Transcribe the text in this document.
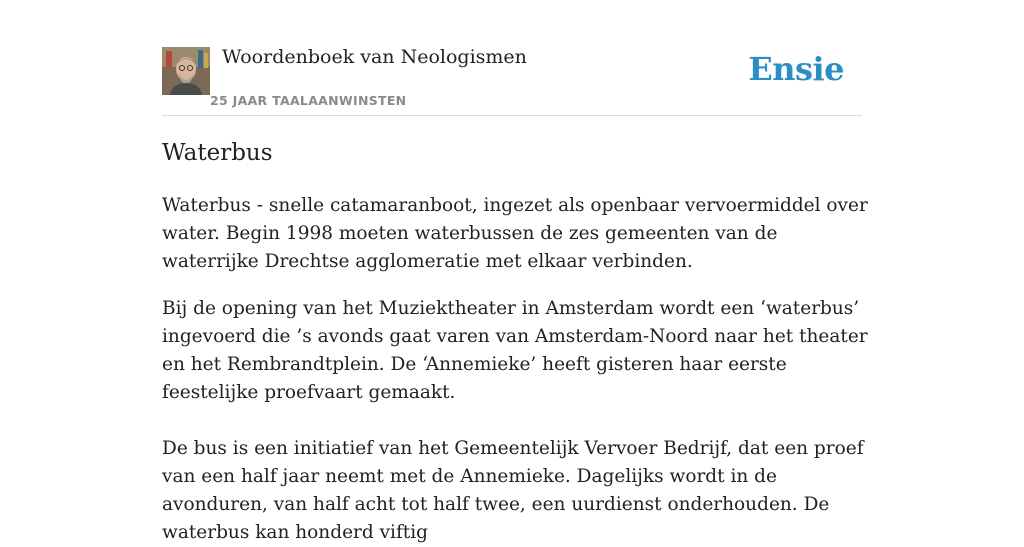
Woordenboek van Neologismen
25 JAAR TAALAANWINSTEN
Ensie
Waterbus

Waterbus - snelle catamaranboot, ingezet als openbaar vervoermiddel over water. Begin 1998 moeten waterbussen de zes gemeenten van de waterrijke Drechtse agglomeratie met elkaar verbinden.

Bij de opening van het Muziektheater in Amsterdam wordt een ‘waterbus’ ingevoerd die ’s avonds gaat varen van Amsterdam-Noord naar het theater en het Rembrandtplein. De ‘Annemieke’ heeft gisteren haar eerste feestelijke proefvaart gemaakt.

De bus is een initiatief van het Gemeentelijk Vervoer Bedrijf, dat een proef van een half jaar neemt met de Annemieke. Dagelijks wordt in de avonduren, van half acht tot half twee, een uurdienst onderhouden. De waterbus kan honderd viftig
